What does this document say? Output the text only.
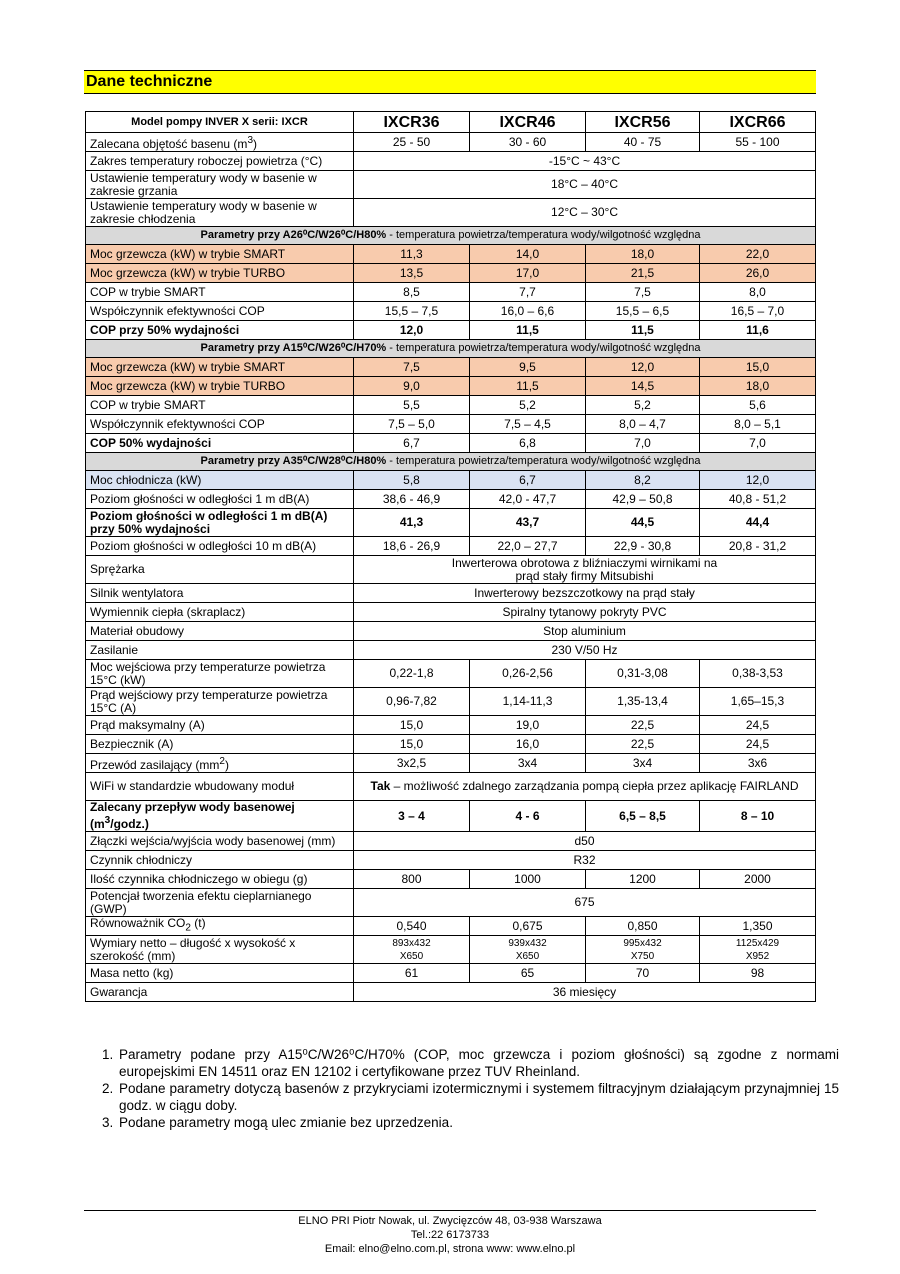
Dane techniczne
Model pompy INVER X serii: IXCR	IXCR36	IXCR46	IXCR56	IXCR66
Zalecana objętość basenu $(m^3)$	25 - 50	30 - 60	40 - 75	55 - 100
Zakres temperatury roboczej powietrza (°C)	-15°C ~ 43°C			
Ustawienie temperatury wody w basenie w zakresie grzania	18°C – 40°C			
Ustawienie temperatury wody w basenie w zakresie chłodzenia	12°C – 30°C			
Parametry przy A26⁰C/W26⁰C/H80% - temperatura powietrza/temperatura wody/wilgotność względna				
Moc grzewcza (kW) w trybie SMART	11,3	14,0	18,0	22,0
Moc grzewcza (kW) w trybie TURBO	13,5	17,0	21,5	26,0
COP w trybie SMART	8,5	7,7	7,5	8,0
Współczynnik efektywności COP	15,5 – 7,5	16,0 – 6,6	15,5 – 6,5	16,5 – 7,0
COP przy 50% wydajności	12,0	11,5	11,5	11,6
Parametry przy A15⁰C/W26⁰C/H70% - temperatura powietrza/temperatura wody/wilgotność względna				
Moc grzewcza (kW) w trybie SMART	7,5	9,5	12,0	15,0
Moc grzewcza (kW) w trybie TURBO	9,0	11,5	14,5	18,0
COP w trybie SMART	5,5	5,2	5,2	5,6
Współczynnik efektywności COP	7,5 – 5,0	7,5 – 4,5	8,0 – 4,7	8,0 – 5,1
COP 50% wydajności	6,7	6,8	7,0	7,0
Parametry przy A35⁰C/W28⁰C/H80% - temperatura powietrza/temperatura wody/wilgotność względna				
Moc chłodnicza (kW)	5,8	6,7	8,2	12,0
Poziom głośności w odległości 1 m dB(A)	38,6 - 46,9	42,0 - 47,7	42,9 – 50,8	40,8 - 51,2
Poziom głośności w odległości 1 m dB(A) przy 50% wydajności	41,3	43,7	44,5	44,4
Poziom głośności w odległości 10 m dB(A)	18,6 - 26,9	22,0 – 27,7	22,9 - 30,8	20,8 - 31,2
Sprężarka	Inwerterowa obrotowa z bliźniaczymi wirnikami na prąd stały firmy Mitsubishi			
Silnik wentylatora	Inwerterowy bezszczotkowy na prąd stały			
Wymiennik ciepła (skraplacz)	Spiralny tytanowy pokryty PVC			
Materiał obudowy	Stop aluminium			
Zasilanie	230 V/50 Hz			
Moc wejściowa przy temperaturze powietrza 15°C (kW)	0,22-1,8	0,26-2,56	0,31-3,08	0,38-3,53
Prąd wejściowy przy temperaturze powietrza 15°C (A)	0,96-7,82	1,14-11,3	1,35-13,4	1,65–15,3
Prąd maksymalny (A)	15,0	19,0	22,5	24,5
Bezpiecznik (A)	15,0	16,0	22,5	24,5
Przewód zasilający $(mm^2)$	3x2,5	3x4	3x4	3x6
WiFi w standardzie wbudowany moduł	Tak – możliwość zdalnego zarządzania pompą ciepła przez aplikację FAIRLAND			
Zalecany przepływ wody basenowej $(m^3/godz.)$	3 – 4	4 - 6	6,5 – 8,5	8 – 10
Złączki wejścia/wyjścia wody basenowej (mm)	d50			
Czynnik chłodniczy	R32			
Ilość czynnika chłodniczego w obiegu (g)	800	1000	1200	2000
Potencjał tworzenia efektu cieplarnianego (GWP)	675			
Równoważnik $CO_2$ (t)	0,540	0,675	0,850	1,350
Wymiary netto – długość x wysokość x szerokość (mm)	893x432 X650	939x432 X650	995x432 X750	1125x429 X952
Masa netto (kg)	61	65	70	98
Gwarancja	36 miesięcy			
1. Parametry podane przy A15⁰C/W26⁰C/H70% (COP, moc grzewcza i poziom głośności) są zgodne z normami europejskimi EN 14511 oraz EN 12102 i certyfikowane przez TUV Rheinland.
2. Podane parametry dotyczą basenów z przykryciami izotermicznymi i systemem filtracyjnym działającym przynajmniej 15 godz. w ciągu doby.
3. Podane parametry mogą ulec zmianie bez uprzedzenia.
ELNO PRI Piotr Nowak, ul. Zwycięzców 48, 03-938 Warszawa
Tel.:22 6173733
Email: elno@elno.com.pl, strona www: www.elno.pl
